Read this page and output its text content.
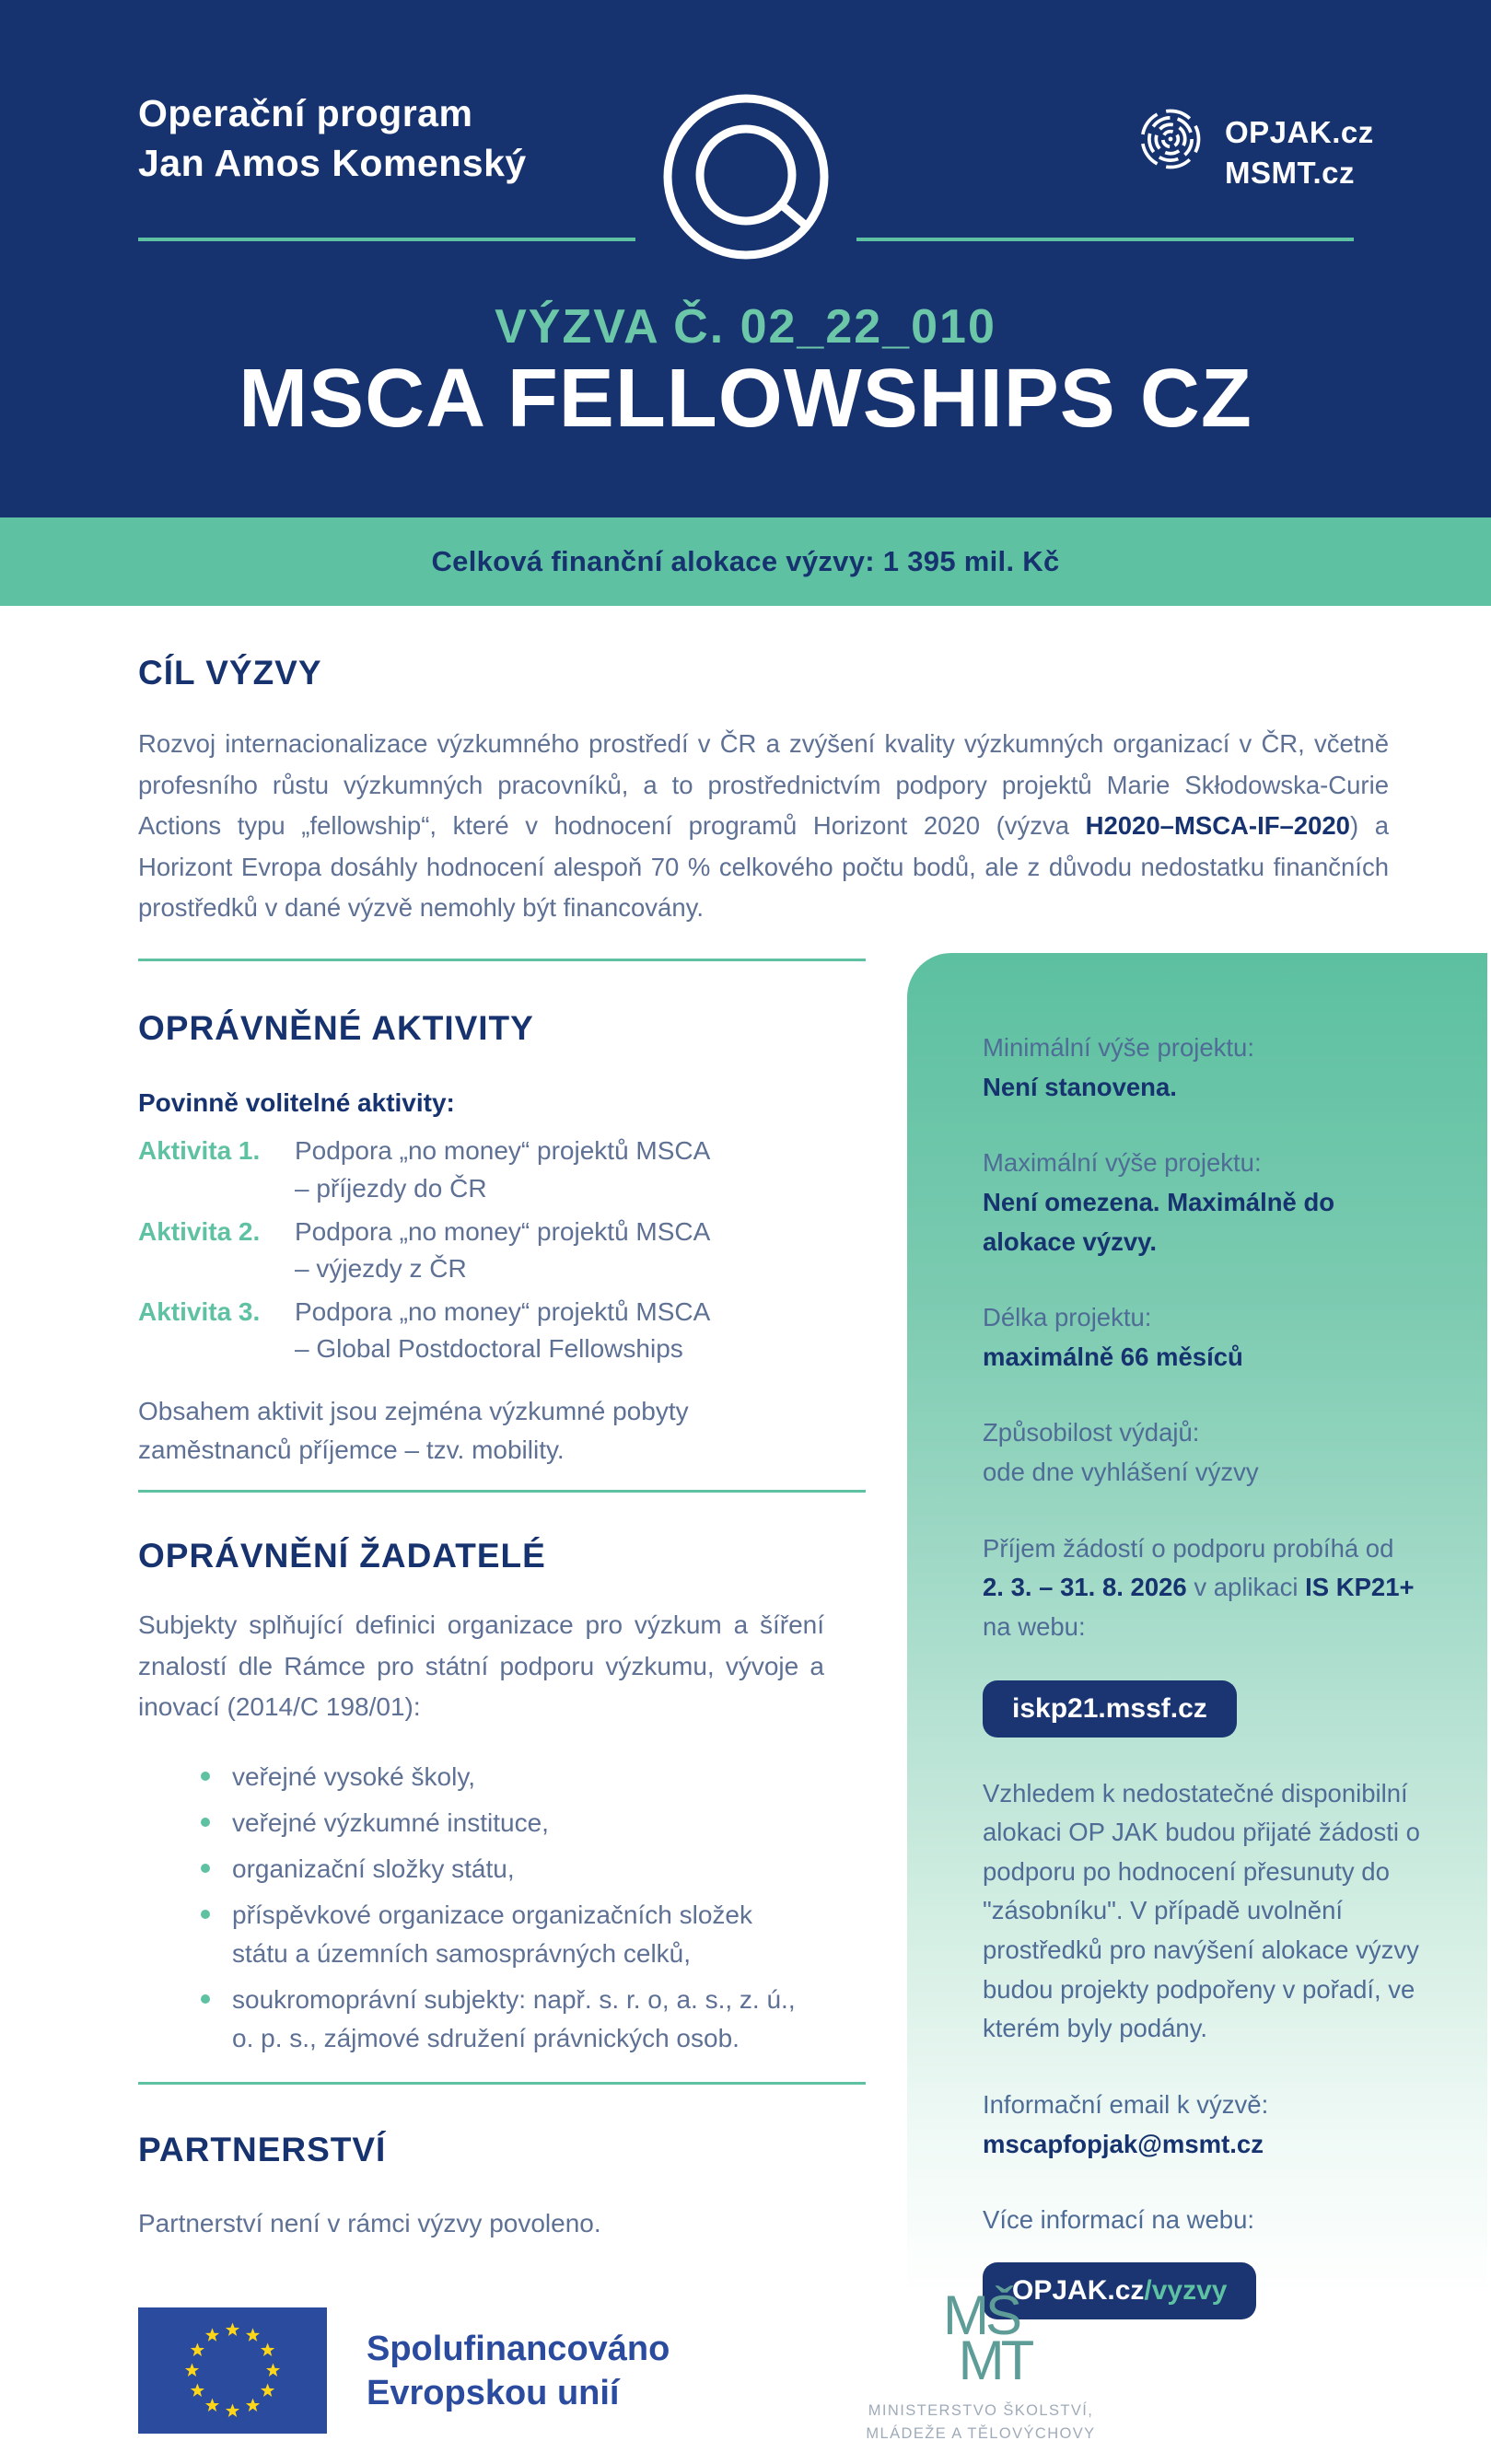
Operační program
Jan Amos Komenský
OPJAK.cz
MSMT.cz
VÝZVA Č. 02_22_010
MSCA FELLOWSHIPS CZ
Celková finanční alokace výzvy: 1 395 mil. Kč
Minimální výše projektu:
Není stanovena.
Maximální výše projektu:
Není omezena. Maximálně do alokace výzvy.
Délka projektu:
maximálně 66 měsíců
Způsobilost výdajů:
ode dne vyhlášení výzvy
Příjem žádostí o podporu probíhá od 2. 3. – 31. 8. 2026 v aplikaci IS KP21+ na webu:
iskp21.mssf.cz
Vzhledem k nedostatečné disponibilní alokaci OP JAK budou přijaté žádosti o podporu po hodnocení přesunuty do "zásobníku". V případě uvolnění prostředků pro navýšení alokace výzvy budou projekty podpořeny v pořadí, ve kterém byly podány.
Informační email k výzvě:
mscapfopjak@msmt.cz
Více informací na webu:
OPJAK.cz/vyzvy
CÍL VÝZVY
Rozvoj internacionalizace výzkumného prostředí v ČR a zvýšení kvality výzkumných organizací v ČR, včetně profesního růstu výzkumných pracovníků, a to prostřednictvím podpory projektů Marie Skłodowska-Curie Actions typu „fellowship“, které v hodnocení programů Horizont 2020 (výzva H2020–MSCA-IF–2020) a Horizont Evropa dosáhly hodnocení alespoň 70 % celkového počtu bodů, ale z důvodu nedostatku finančních prostředků v dané výzvě nemohly být financovány.
OPRÁVNĚNÉ AKTIVITY
Povinně volitelné aktivity:
Aktivita 1.	Podpora „no money“ projektů MSCA
– příjezdy do ČR
Aktivita 2.	Podpora „no money“ projektů MSCA
– výjezdy z ČR
Aktivita 3.	Podpora „no money“ projektů MSCA
– Global Postdoctoral Fellowships
Obsahem aktivit jsou zejména výzkumné pobyty zaměstnanců příjemce – tzv. mobility.
OPRÁVNĚNÍ ŽADATELÉ
Subjekty splňující definici organizace pro výzkum a šíření znalostí dle Rámce pro státní podporu výzkumu, vývoje a inovací (2014/C 198/01):
veřejné vysoké školy,
veřejné výzkumné instituce,
organizační složky státu,
příspěvkové organizace organizačních složek státu a územních samosprávných celků,
soukromoprávní subjekty: např. s. r. o, a. s., z. ú., o. p. s., zájmové sdružení právnických osob.
PARTNERSTVÍ
Partnerství není v rámci výzvy povoleno.
Spolufinancováno
Evropskou unií
MŠ
MT
MINISTERSTVO ŠKOLSTVÍ,
MLÁDEŽE A TĚLOVÝCHOVY
